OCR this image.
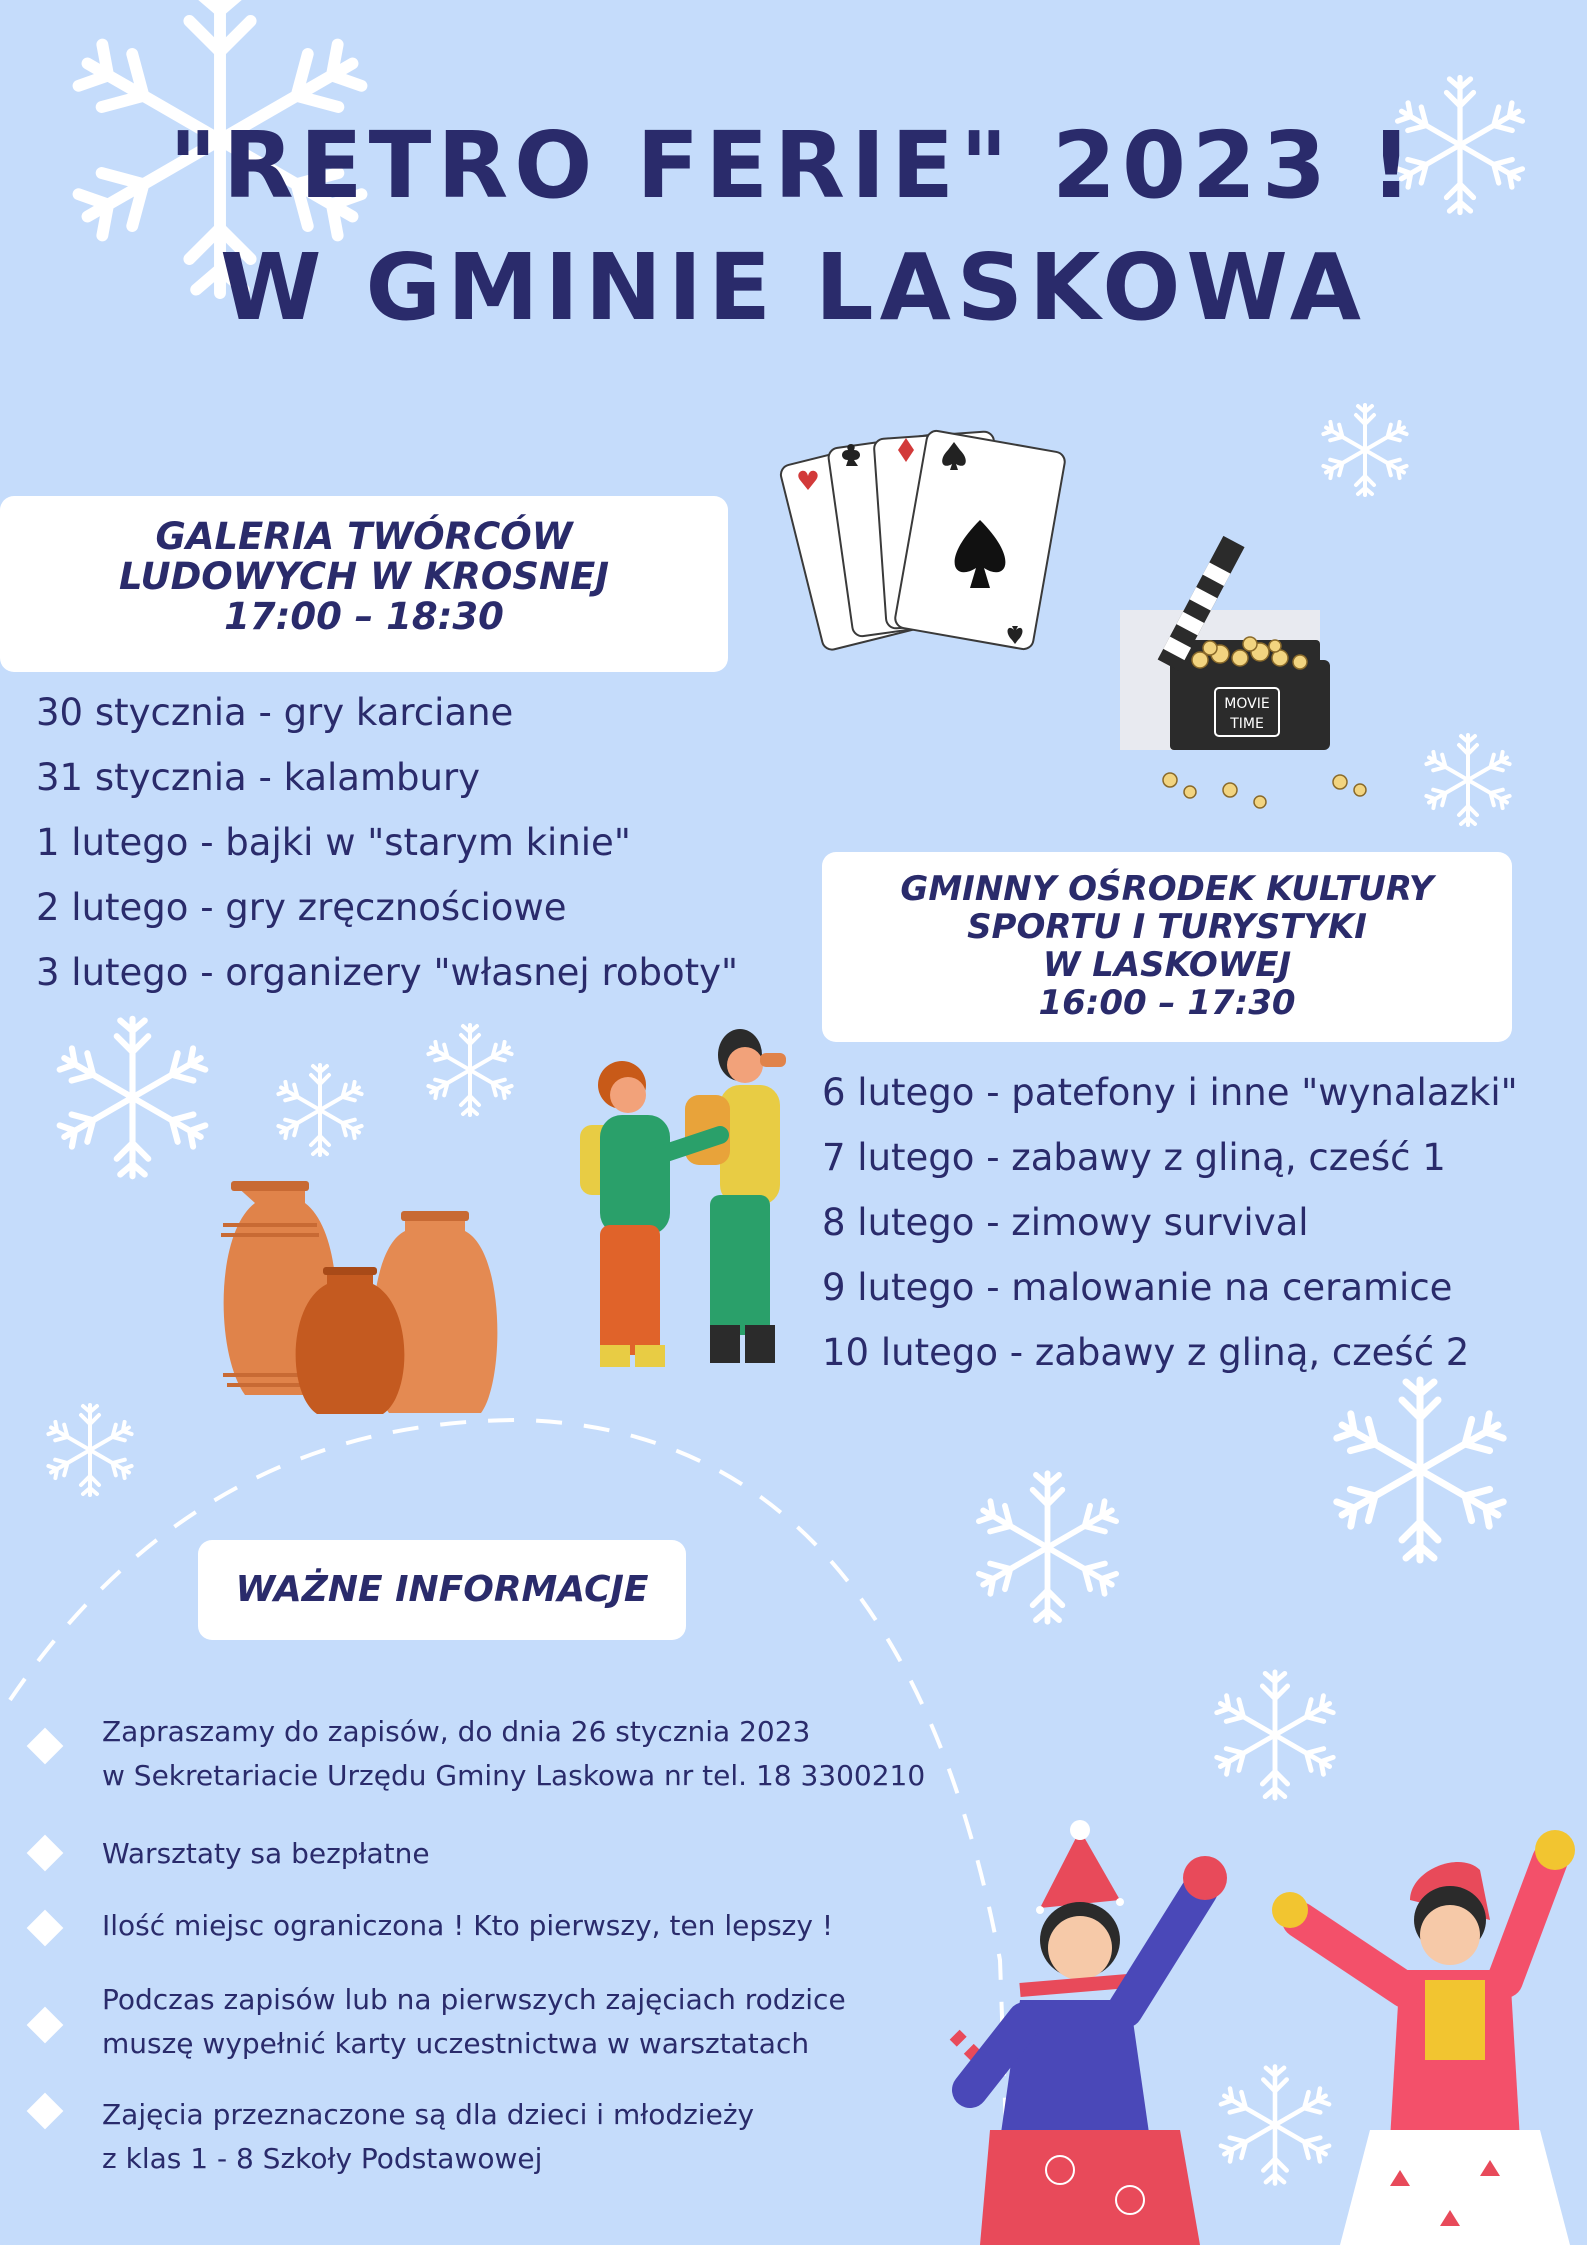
"RETRO FERIE" 2023 !
W GMINIE LASKOWA
GALERIA TWÓRCÓW
LUDOWYCH W KROSNEJ
17:00 – 18:30
30 stycznia - gry karciane
31 stycznia - kalambury
1 lutego - bajki w "starym kinie"
2 lutego - gry zręcznościowe
3 lutego - organizery "własnej roboty"
MOVIE
TIME
GMINNY OŚRODEK KULTURY
SPORTU I TURYSTYKI
W LASKOWEJ
16:00 – 17:30
6 lutego - patefony i inne "wynalazki"
7 lutego - zabawy z gliną, cześć 1
8 lutego - zimowy survival
9 lutego - malowanie na ceramice
10 lutego - zabawy z gliną, cześć 2
WAŻNE INFORMACJE
Zapraszamy do zapisów, do dnia 26 stycznia 2023
w Sekretariacie Urzędu Gminy Laskowa nr tel. 18 3300210
Warsztaty sa bezpłatne
Ilość miejsc ograniczona ! Kto pierwszy, ten lepszy !
Podczas zapisów lub na pierwszych zajęciach rodzice
muszę wypełnić karty uczestnictwa w warsztatach
Zajęcia przeznaczone są dla dzieci i młodzieży
z klas 1 - 8 Szkoły Podstawowej
